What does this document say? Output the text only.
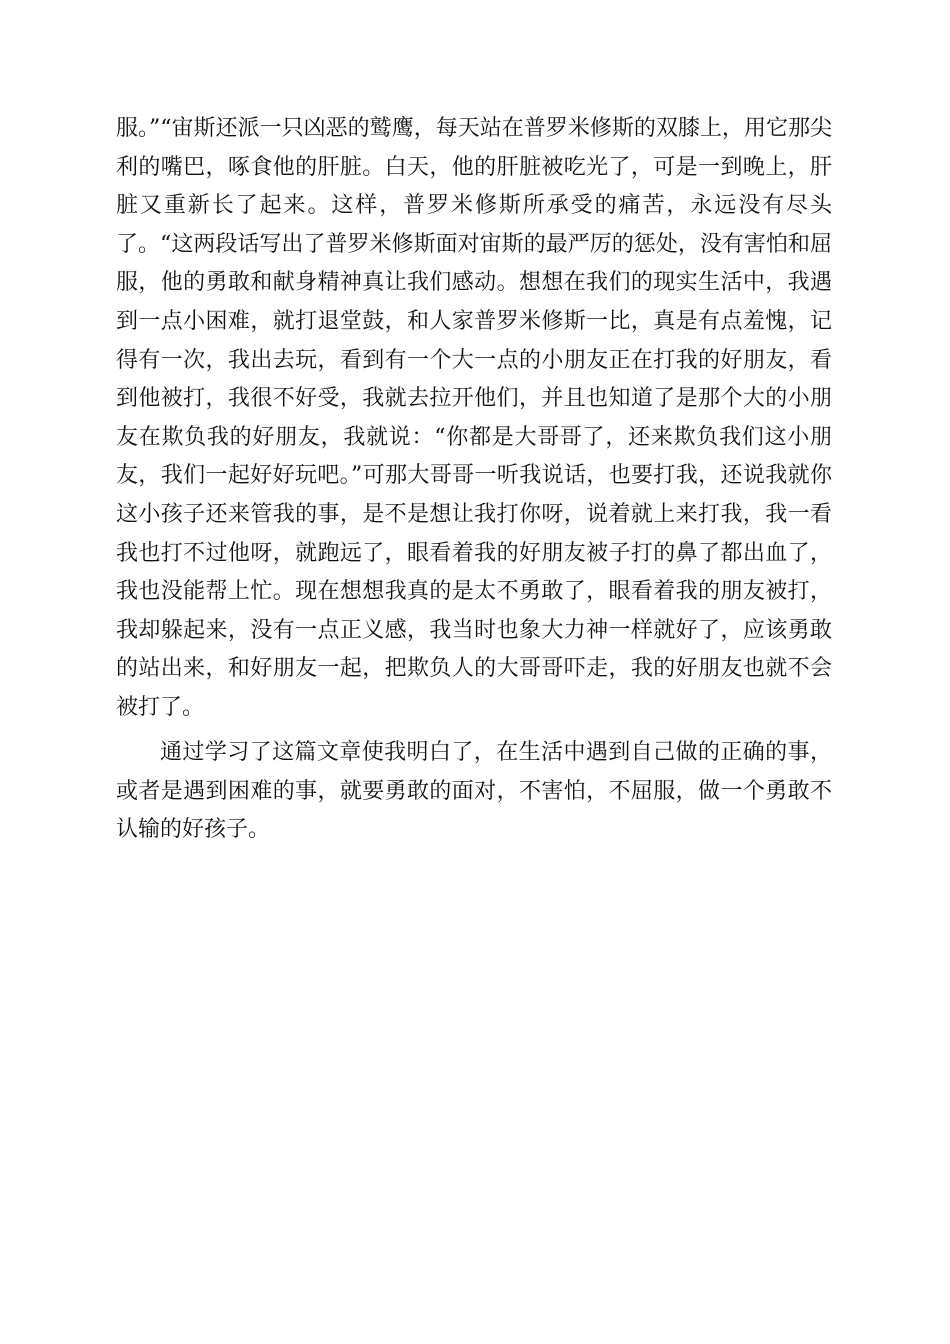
服。”“宙斯还派一只凶恶的鹫鹰，每天站在普罗米修斯的双膝上，用它那尖利的嘴巴，啄食他的肝脏。白天，他的肝脏被吃光了，可是一到晚上，肝脏又重新长了起来。这样，普罗米修斯所承受的痛苦，永远没有尽头了。“这两段话写出了普罗米修斯面对宙斯的最严厉的惩处，没有害怕和屈服，他的勇敢和献身精神真让我们感动。想想在我们的现实生活中，我遇到一点小困难，就打退堂鼓，和人家普罗米修斯一比，真是有点羞愧，记得有一次，我出去玩，看到有一个大一点的小朋友正在打我的好朋友，看到他被打，我很不好受，我就去拉开他们，并且也知道了是那个大的小朋友在欺负我的好朋友，我就说：“你都是大哥哥了，还来欺负我们这小朋友，我们一起好好玩吧。”可那大哥哥一听我说话，也要打我，还说我就你这小孩子还来管我的事，是不是想让我打你呀，说着就上来打我，我一看我也打不过他呀，就跑远了，眼看着我的好朋友被子打的鼻了都出血了，我也没能帮上忙。现在想想我真的是太不勇敢了，眼看着我的朋友被打，我却躲起来，没有一点正义感，我当时也象大力神一样就好了，应该勇敢的站出来，和好朋友一起，把欺负人的大哥哥吓走，我的好朋友也就不会被打了。

通过学习了这篇文章使我明白了，在生活中遇到自己做的正确的事，或者是遇到困难的事，就要勇敢的面对，不害怕，不屈服，做一个勇敢不认输的好孩子。
